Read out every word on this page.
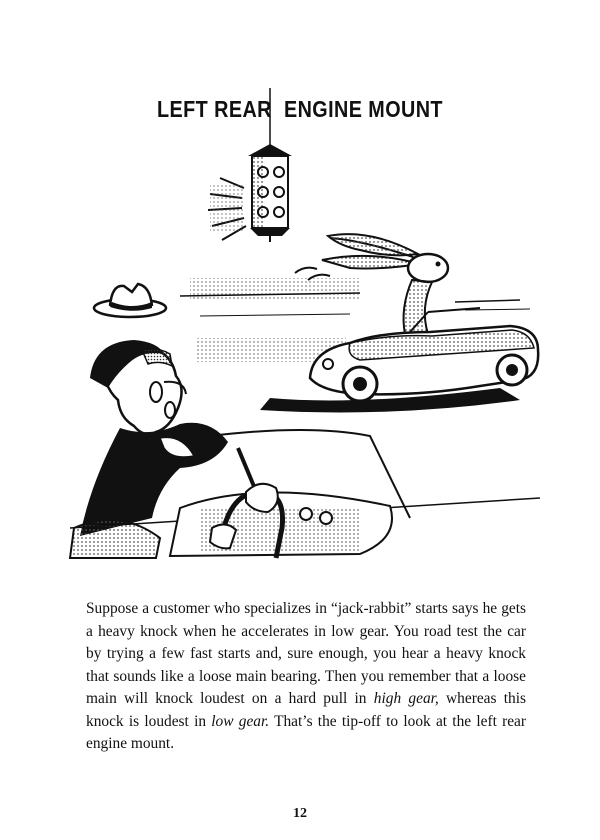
LEFT REAR ENGINE MOUNT

Suppose a customer who specializes in “jack-rabbit” starts says he gets a heavy knock when he accelerates in low gear. You road test the car by trying a few fast starts and, sure enough, you hear a heavy knock that sounds like a loose main bearing. Then you remember that a loose main will knock loudest on a hard pull in high gear, whereas this knock is loudest in low gear. That’s the tip-off to look at the left rear engine mount.

12
